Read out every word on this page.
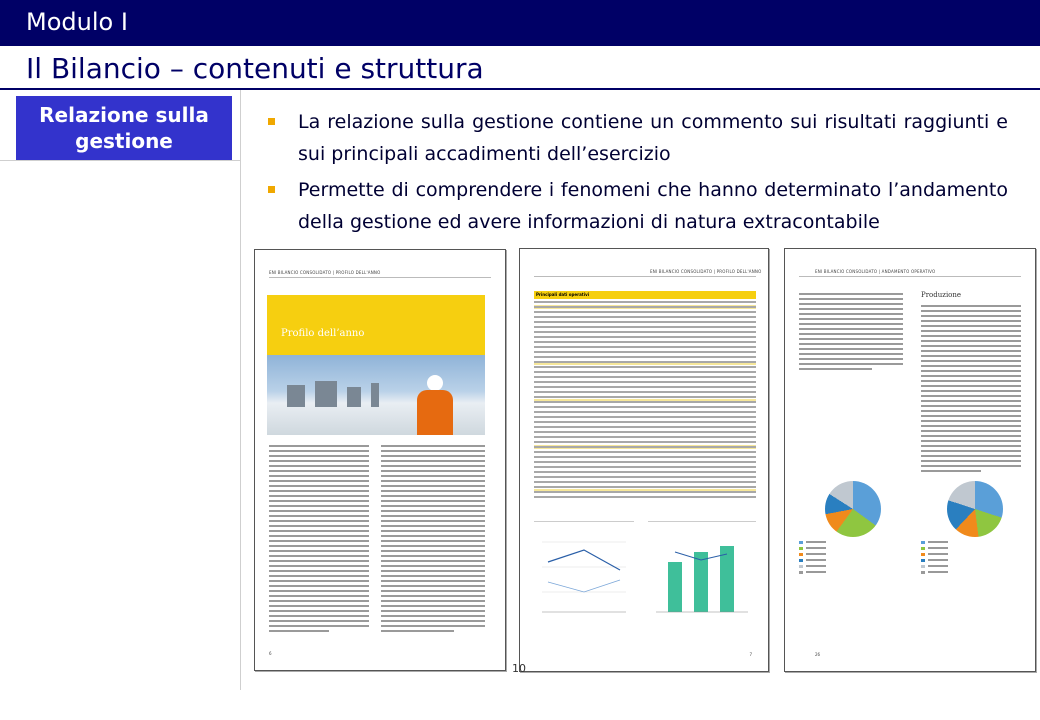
Modulo I
Il Bilancio – contenuti e struttura
Relazione sulla gestione
La relazione sulla gestione contiene un commento sui risultati raggiunti e sui principali accadimenti dell’esercizio
Permette di comprendere i fenomeni che hanno determinato l’andamento della gestione ed avere informazioni di natura extracontabile
ENI BILANCIO CONSOLIDATO | PROFILO DELL'ANNO
Profilo dell’anno
6
ENI BILANCIO CONSOLIDATO | PROFILO DELL'ANNO
Principali dati operativi
7
ENI BILANCIO CONSOLIDATO | ANDAMENTO OPERATIVO
Produzione
26
10
